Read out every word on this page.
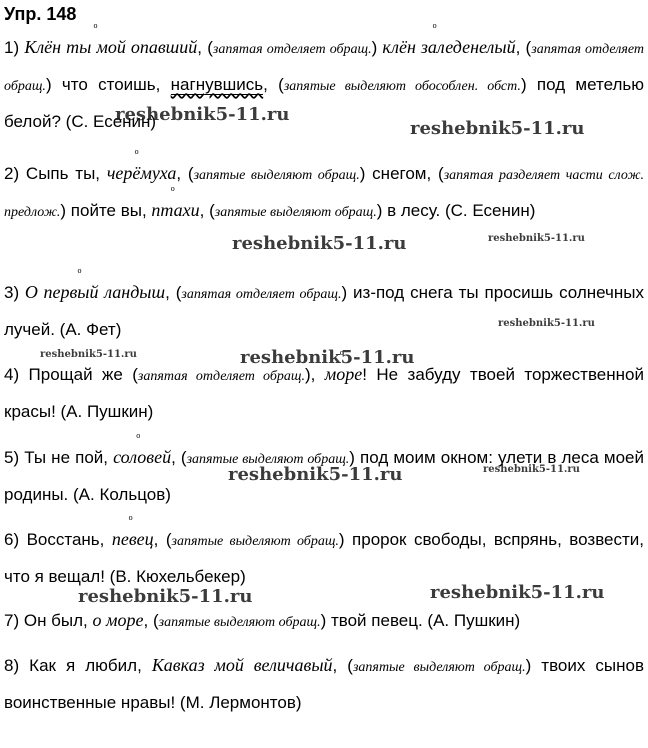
Упр. 148
1) Клён ты мой опавший o, (запятая отделяет обращ.) клён заледенелый o, (запятая отделяет обращ.) что стоишь, нагнувшись, (запятые выделяют обособлен. обст.) под метелью белой? (С. Есенин)
2) Сыпь ты, черёмуха o, (запятые выделяют обращ.) снегом, (запятая разделяет части слож. предлож.) пойте вы, птахи o, (запятые выделяют обращ.) в лесу. (С. Есенин)
3) О первый ландыш o, (запятая отделяет обращ.) из-под снега ты просишь солнечных лучей. (А. Фет)
4) Прощай же (запятая отделяет обращ.), море o! Не забуду твоей торжественной красы! (А. Пушкин)
5) Ты не пой, соловей o, (запятые выделяют обращ.) под моим окном: улети в леса моей родины. (А. Кольцов)
6) Восстань, певец o, (запятые выделяют обращ.) пророк свободы, вспрянь, возвести, что я вещал! (В. Кюхельбекер)
7) Он был, о море, (запятые выделяют обращ.) твой певец. (А. Пушкин)
8) Как я любил, Кавказ мой величавый, (запятые выделяют обращ.) твоих сынов воинственные нравы! (М. Лермонтов)
reshebnik5-11.ru
reshebnik5-11.ru
reshebnik5-11.ru	reshebnik5-11.ru
reshebnik5-11.ru
reshebnik5-11.ru	reshebnik5-11.ru
reshebnik5-11.ru	reshebnik5-11.ru
reshebnik5-11.ru
reshebnik5-11.ru
